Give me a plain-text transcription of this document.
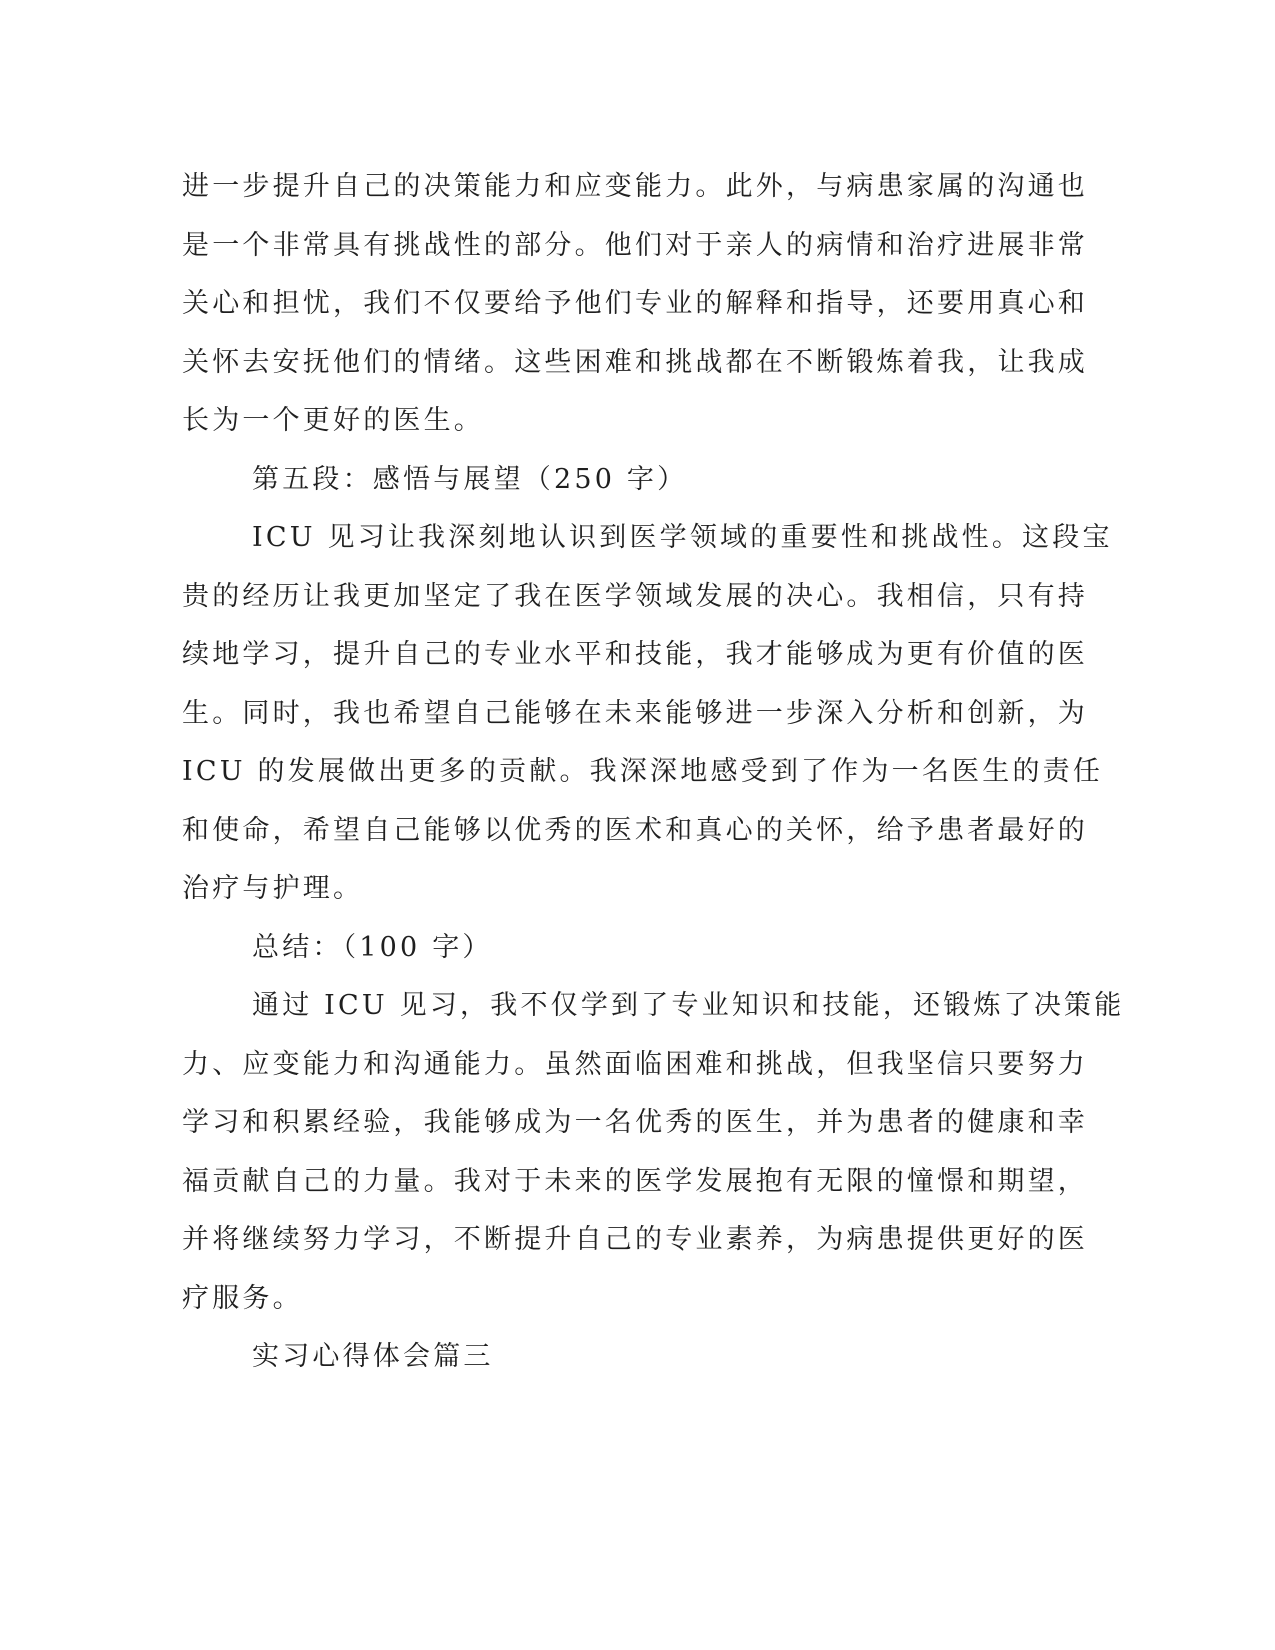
进一步提升自己的决策能力和应变能力。此外，与病患家属的沟通也
是一个非常具有挑战性的部分。他们对于亲人的病情和治疗进展非常
关心和担忧，我们不仅要给予他们专业的解释和指导，还要用真心和
关怀去安抚他们的情绪。这些困难和挑战都在不断锻炼着我，让我成
长为一个更好的医生。
第五段：感悟与展望（250 字）
ICU 见习让我深刻地认识到医学领域的重要性和挑战性。这段宝
贵的经历让我更加坚定了我在医学领域发展的决心。我相信，只有持
续地学习，提升自己的专业水平和技能，我才能够成为更有价值的医
生。同时，我也希望自己能够在未来能够进一步深入分析和创新，为
ICU 的发展做出更多的贡献。我深深地感受到了作为一名医生的责任
和使命，希望自己能够以优秀的医术和真心的关怀，给予患者最好的
治疗与护理。
总结：（100 字）
通过 ICU 见习，我不仅学到了专业知识和技能，还锻炼了决策能
力、应变能力和沟通能力。虽然面临困难和挑战，但我坚信只要努力
学习和积累经验，我能够成为一名优秀的医生，并为患者的健康和幸
福贡献自己的力量。我对于未来的医学发展抱有无限的憧憬和期望，
并将继续努力学习，不断提升自己的专业素养，为病患提供更好的医
疗服务。
实习心得体会篇三
